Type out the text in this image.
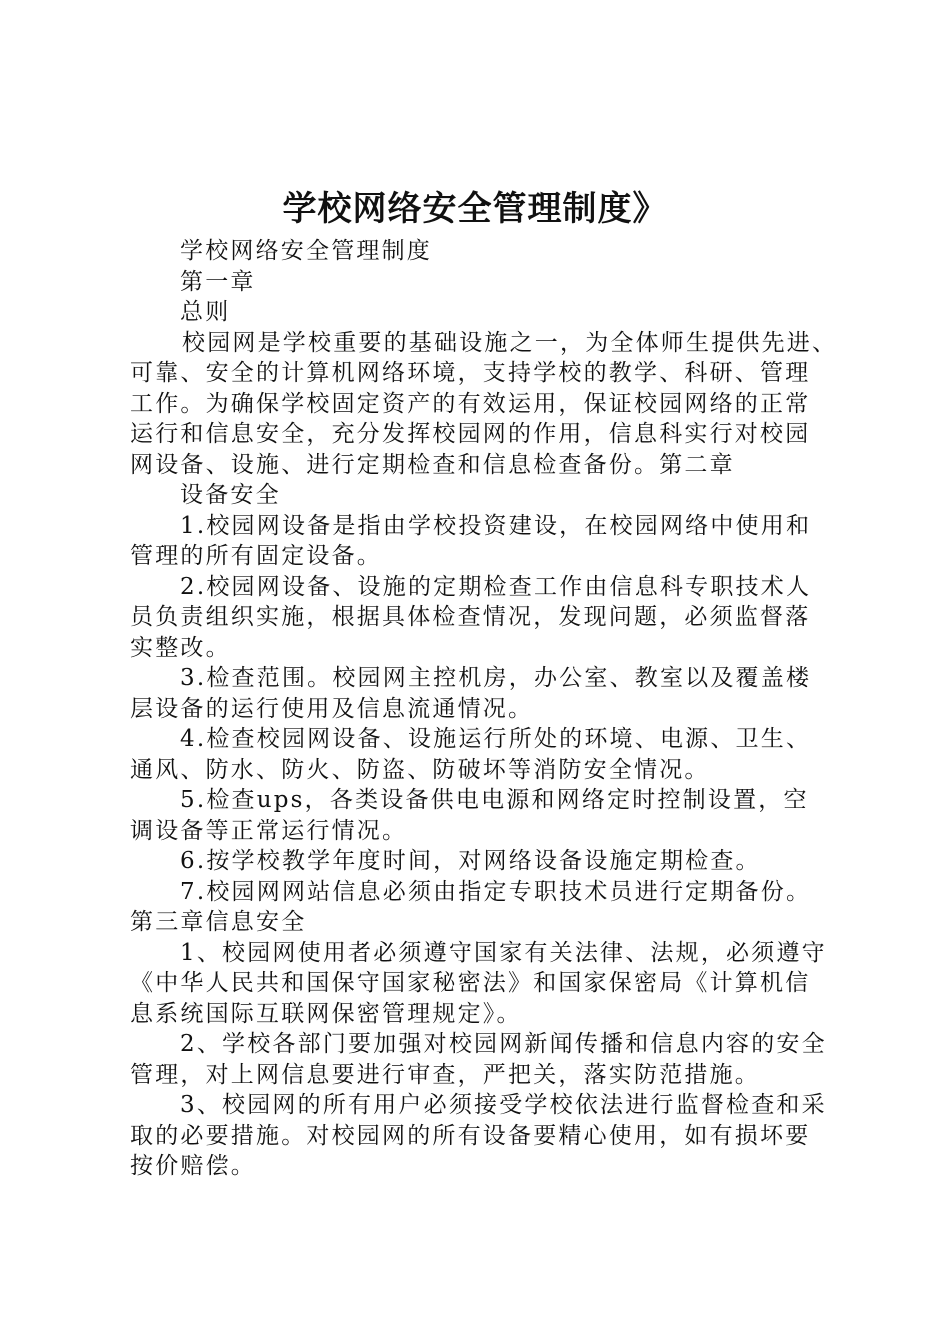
学校网络安全管理制度》
学校网络安全管理制度
第一章
总则
校园网是学校重要的基础设施之一，为全体师生提供先进、
可靠、安全的计算机网络环境，支持学校的教学、科研、管理
工作。为确保学校固定资产的有效运用，保证校园网络的正常
运行和信息安全，充分发挥校园网的作用，信息科实行对校园
网设备、设施、进行定期检查和信息检查备份。第二章
设备安全
1.校园网设备是指由学校投资建设，在校园网络中使用和
管理的所有固定设备。
2.校园网设备、设施的定期检查工作由信息科专职技术人
员负责组织实施，根据具体检查情况，发现问题，必须监督落
实整改。
3.检查范围。校园网主控机房，办公室、教室以及覆盖楼
层设备的运行使用及信息流通情况。
4.检查校园网设备、设施运行所处的环境、电源、卫生、
通风、防水、防火、防盗、防破坏等消防安全情况。
5.检查ups，各类设备供电电源和网络定时控制设置，空
调设备等正常运行情况。
6.按学校教学年度时间，对网络设备设施定期检查。
7.校园网网站信息必须由指定专职技术员进行定期备份。
第三章信息安全
1、校园网使用者必须遵守国家有关法律、法规，必须遵守
《中华人民共和国保守国家秘密法》和国家保密局《计算机信
息系统国际互联网保密管理规定》。
2、学校各部门要加强对校园网新闻传播和信息内容的安全
管理，对上网信息要进行审查，严把关，落实防范措施。
3、校园网的所有用户必须接受学校依法进行监督检查和采
取的必要措施。对校园网的所有设备要精心使用，如有损坏要
按价赔偿。
